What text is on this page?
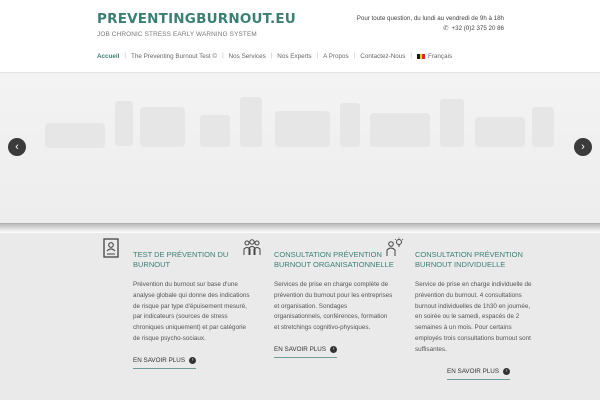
PREVENTINGBURNOUT.EU
JOB CHRONIC STRESS EARLY WARNING SYSTEM
Pour toute question, du lundi au vendredi de 9h à 18h
✆ +32 (0)2 375 20 86
Accueil | The Preventing Burnout Test © | Nos Services | Nos Experts | A Propos | Contactez-Nous |	Français
‹	›
TEST DE PRÉVENTION DU BURNOUT
Prévention du burnout sur base d'une analyse globale qui donne des indications de risque par type d'épuisement mesuré, par indicateurs (sources de stress chroniques uniquement) et par catégorie de risque psycho-sociaux.
EN SAVOIR PLUS	›
CONSULTATION PRÉVENTION BURNOUT ORGANISATIONNELLE
Services de prise en charge complète de prévention du burnout pour les entreprises et organisation. Sondages organisationnels, conférences, formation et stretchings cognitivo-physiques.
EN SAVOIR PLUS	›
CONSULTATION PRÉVENTION BURNOUT INDIVIDUELLE
Service de prise en charge individuelle de prévention du burnout. 4 consultations burnout individuelles de 1h30 en journée, en soirée ou le samedi, espacés de 2 semaines à un mois. Pour certains employés trois consultations burnout sont suffisantes.
EN SAVOIR PLUS	›
